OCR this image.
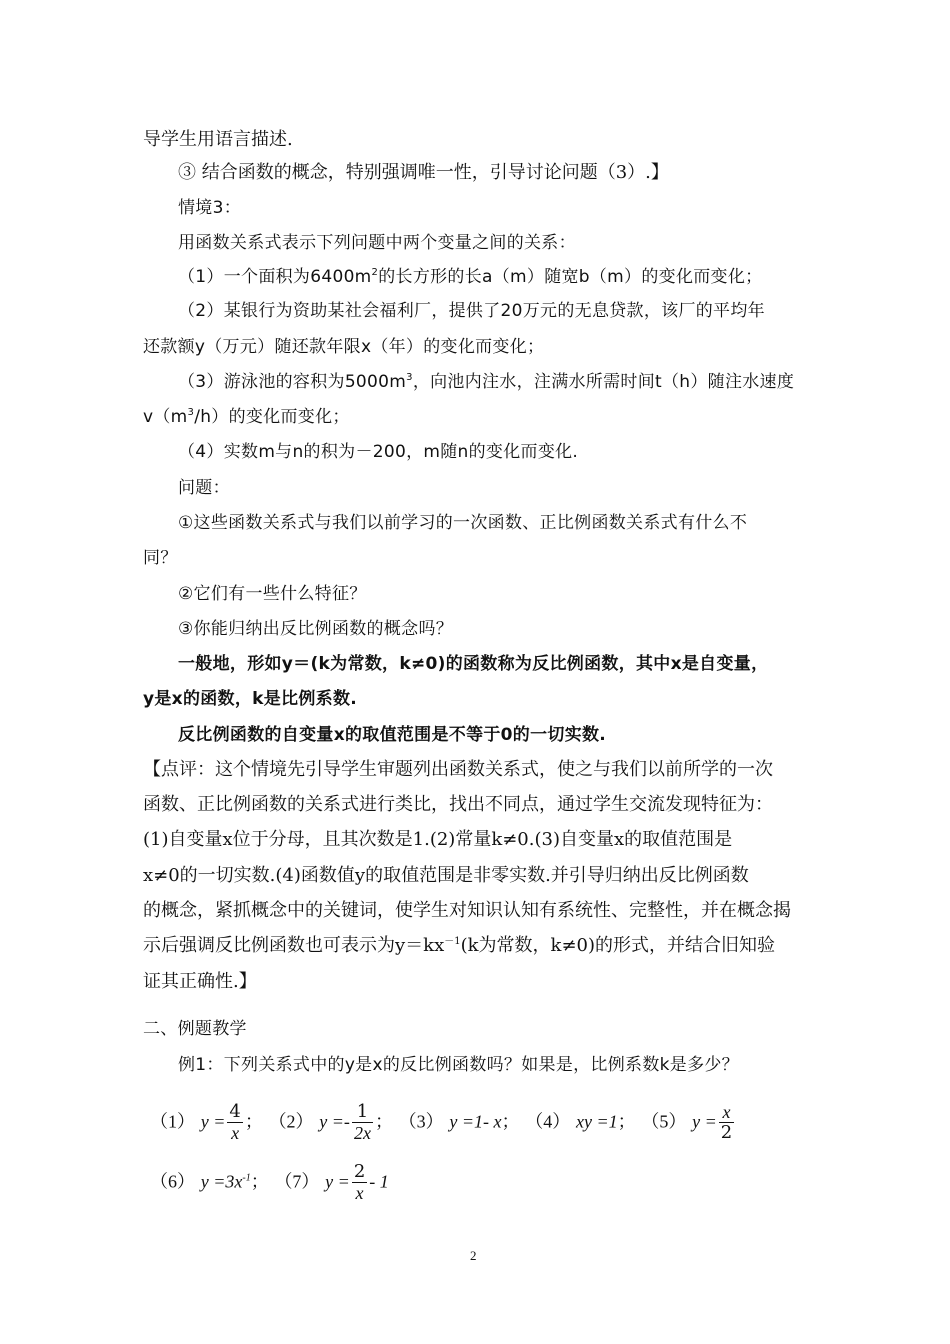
导学生用语言描述.
③ 结合函数的概念，特别强调唯一性，引导讨论问题（3）.】
情境3：
用函数关系式表示下列问题中两个变量之间的关系：
（1）一个面积为$6400m^2$的长方形的长a（m）随宽b（m）的变化而变化；
（2）某银行为资助某社会福利厂，提供了20万元的无息贷款，该厂的平均年
还款额y（万元）随还款年限x（年）的变化而变化；
（3）游泳池的容积为$5000m^3$，向池内注水，注满水所需时间t（h）随注水速度
$v(m^3/h)$的变化而变化；
（4）实数m与n的积为－200，m随n的变化而变化.
问题：
①这些函数关系式与我们以前学习的一次函数、正比例函数关系式有什么不
同？
②它们有一些什么特征？
③你能归纳出反比例函数的概念吗？
一般地，形如y＝(k为常数，k≠0)的函数称为反比例函数，其中x是自变量，
y是x的函数，k是比例系数.
反比例函数的自变量x的取值范围是不等于0的一切实数.
【点评：这个情境先引导学生审题列出函数关系式，使之与我们以前所学的一次
函数、正比例函数的关系式进行类比，找出不同点，通过学生交流发现特征为：
(1)自变量x位于分母，且其次数是1.(2)常量k≠0.(3)自变量x的取值范围是
x≠0的一切实数.(4)函数值y的取值范围是非零实数.并引导归纳出反比例函数
的概念，紧抓概念中的关键词，使学生对知识认知有系统性、完整性，并在概念揭
示后强调反比例函数也可表示为$y=kx^{-1}(k$为常数，k≠0)的形式，并结合旧知验
证其正确性.】
二、例题教学
例1：下列关系式中的y是x的反比例函数吗？如果是，比例系数k是多少？
（1） $y = \frac{4}{x}$ ； （2） $y =- \frac{1}{2x}$ ； （3） y =1- x； （4） xy =1； （5） $y = \frac{x}{2}$
（6） $y =3x^{-1}$； （7） $y = \frac{2}{x} - 1$
2
